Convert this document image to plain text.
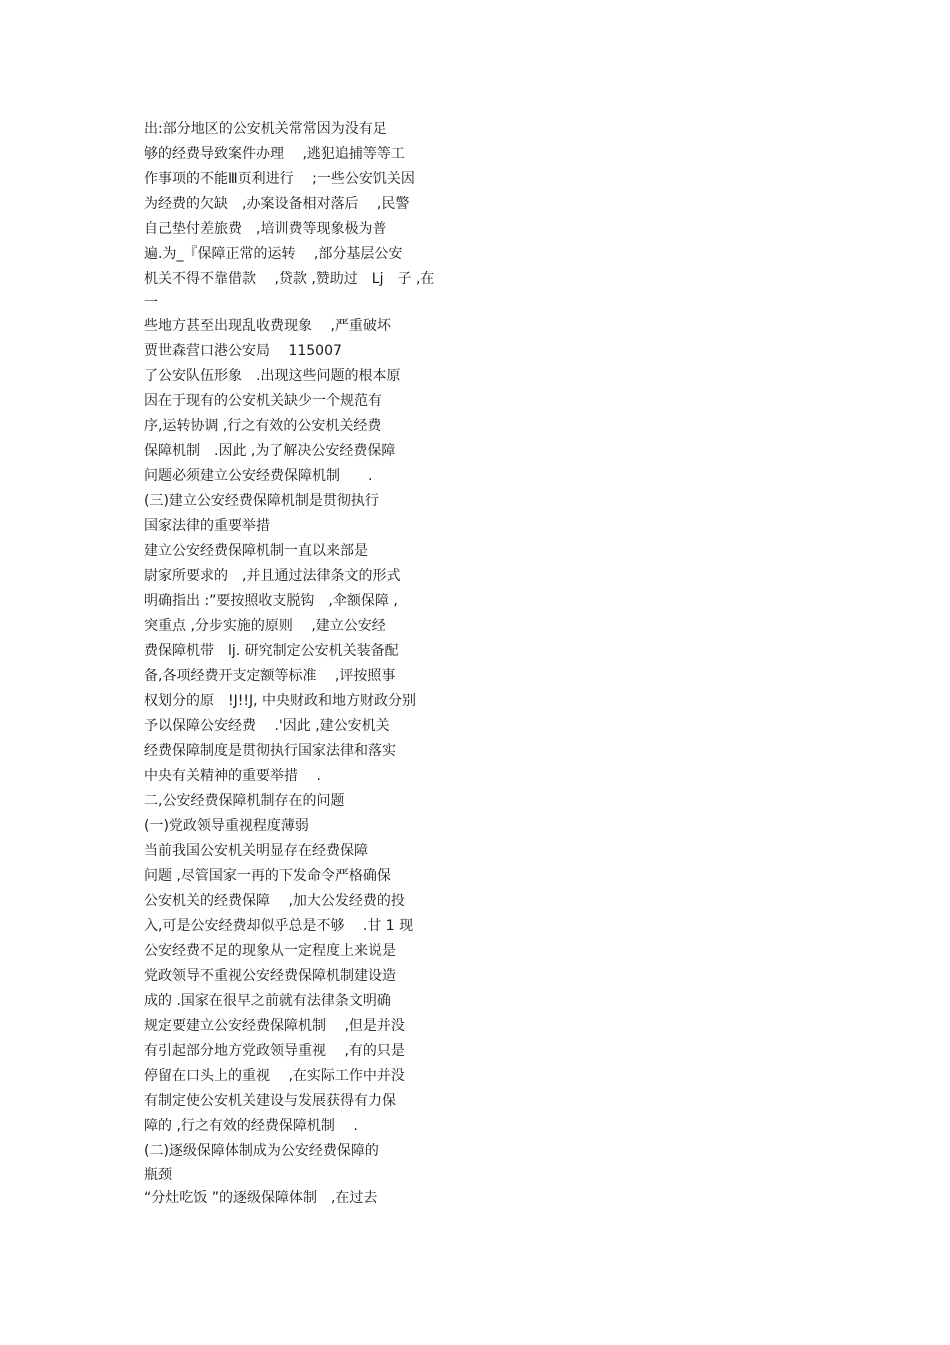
出:部分地区的公安机关常常因为没有足
够的经费导致案件办理　 ,逃犯追捕等等工
作事项的不能Ⅲ页利进行　 ;一些公安饥关因
为经费的欠缺　,办案设备相对落后　 ,民警
自己垫付差旅费　,培训费等现象极为普
遍.为_『保障正常的运转　 ,部分基层公安
机关不得不靠借款　 ,贷款 ,赞助过　Lj　子 ,在
一
些地方甚至出现乱收费现象　 ,严重破坏
贾世森营口港公安局　 115007
了公安队伍形象　.出现这些问题的根本原
因在于现有的公安机关缺少一个规范有
序,运转协调 ,行之有效的公安机关经费
保障机制　.因此 ,为了解决公安经费保障
问题必须建立公安经费保障机制　　.
(三)建立公安经费保障机制是贯彻执行
国家法律的重要举措
建立公安经费保障机制一直以来部是
尉家所要求的　,并且通过法律条文的形式
明确指出 :”要按照收支脱钩　,伞额保障 ,
突重点 ,分步实施的原则　 ,建立公安经
费保障机带　lj. 研究制定公安机关装备配
备,各项经费开支定额等标准　 ,评按照事
权划分的原　!J!!J, 中央财政和地方财政分别
予以保障公安经费　 .'因此 ,建公安机关
经费保障制度是贯彻执行国家法律和落实
中央有关精神的重要举措　 .
二,公安经费保障机制存在的问题
(一)党政领导重视程度薄弱
当前我国公安机关明显存在经费保障
问题 ,尽管国家一再的下发命令严格确保
公安机关的经费保障　 ,加大公发经费的投
入,可是公安经费却似乎总是不够　 .甘 1 现
公安经费不足的现象从一定程度上来说是
党政领导不重视公安经费保障机制建设造
成的 .国家在很早之前就有法律条文明确
规定要建立公安经费保障机制　 ,但是并没
有引起部分地方党政领导重视　 ,有的只是
停留在口头上的重视　 ,在实际工作中并没
有制定使公安机关建设与发展获得有力保
障的 ,行之有效的经费保障机制　 .
(二)逐级保障体制成为公安经费保障的
瓶颈
“分灶吃饭 ”的逐级保障体制　,在过去
